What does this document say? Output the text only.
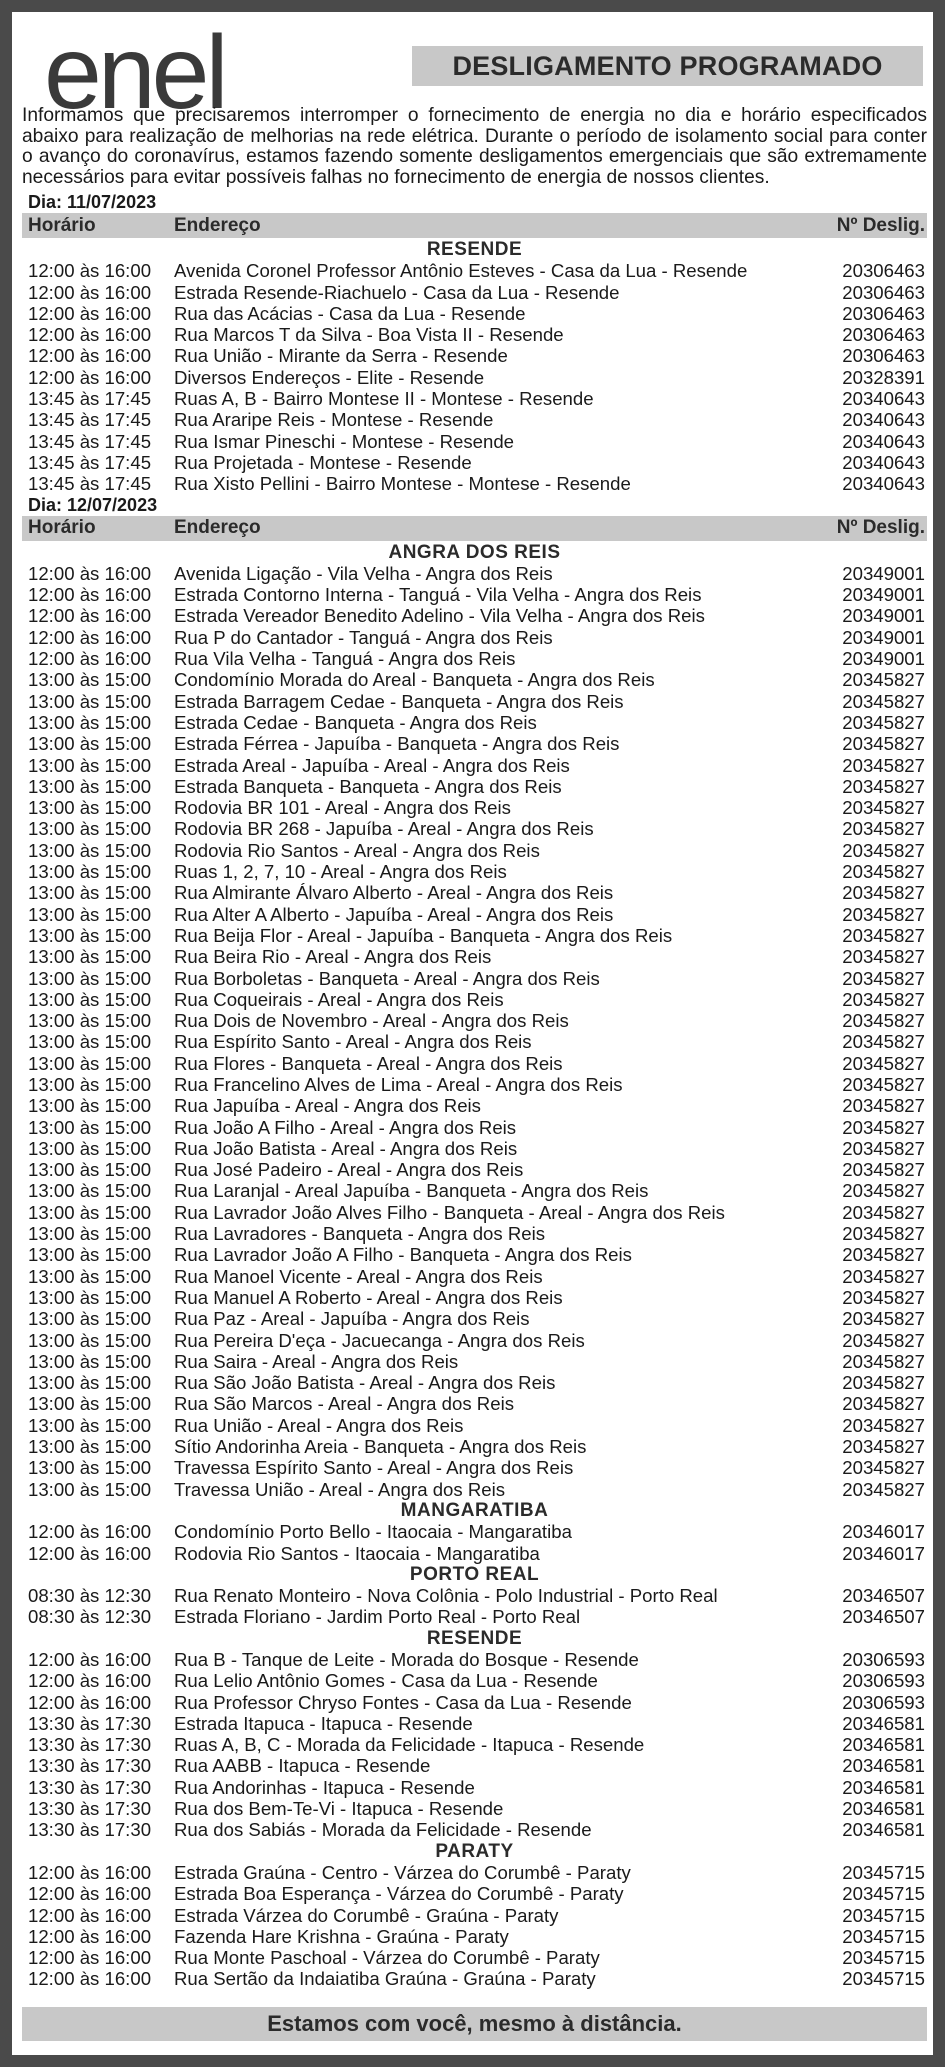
enel	DESLIGAMENTO PROGRAMADO
Informamos que precisaremos interromper o fornecimento de energia no dia e horário especificados abaixo para realização de melhorias na rede elétrica. Durante o período de isolamento social para conter o avanço do coronavírus, estamos fazendo somente desligamentos emergenciais que são extremamente necessários para evitar possíveis falhas no fornecimento de energia de nossos clientes.
Dia: 11/07/2023
Horário	Endereço	Nº Deslig.
RESENDE
12:00 às 16:00	Avenida Coronel Professor Antônio Esteves - Casa da Lua - Resende	20306463
12:00 às 16:00	Estrada Resende-Riachuelo - Casa da Lua - Resende	20306463
12:00 às 16:00	Rua das Acácias - Casa da Lua - Resende	20306463
12:00 às 16:00	Rua Marcos T da Silva - Boa Vista II - Resende	20306463
12:00 às 16:00	Rua União - Mirante da Serra - Resende	20306463
12:00 às 16:00	Diversos Endereços - Elite - Resende	20328391
13:45 às 17:45	Ruas A, B - Bairro Montese II - Montese - Resende	20340643
13:45 às 17:45	Rua Araripe Reis - Montese - Resende	20340643
13:45 às 17:45	Rua Ismar Pineschi - Montese - Resende	20340643
13:45 às 17:45	Rua Projetada - Montese - Resende	20340643
13:45 às 17:45	Rua Xisto Pellini - Bairro Montese - Montese - Resende	20340643
Dia: 12/07/2023
Horário	Endereço	Nº Deslig.
ANGRA DOS REIS
12:00 às 16:00	Avenida Ligação - Vila Velha - Angra dos Reis	20349001
12:00 às 16:00	Estrada Contorno Interna - Tanguá - Vila Velha - Angra dos Reis	20349001
12:00 às 16:00	Estrada Vereador Benedito Adelino - Vila Velha - Angra dos Reis	20349001
12:00 às 16:00	Rua P do Cantador - Tanguá - Angra dos Reis	20349001
12:00 às 16:00	Rua Vila Velha - Tanguá - Angra dos Reis	20349001
13:00 às 15:00	Condomínio Morada do Areal - Banqueta - Angra dos Reis	20345827
13:00 às 15:00	Estrada Barragem Cedae - Banqueta - Angra dos Reis	20345827
13:00 às 15:00	Estrada Cedae - Banqueta - Angra dos Reis	20345827
13:00 às 15:00	Estrada Férrea - Japuíba - Banqueta - Angra dos Reis	20345827
13:00 às 15:00	Estrada Areal - Japuíba - Areal - Angra dos Reis	20345827
13:00 às 15:00	Estrada Banqueta - Banqueta - Angra dos Reis	20345827
13:00 às 15:00	Rodovia BR 101 - Areal - Angra dos Reis	20345827
13:00 às 15:00	Rodovia BR 268 - Japuíba - Areal - Angra dos Reis	20345827
13:00 às 15:00	Rodovia Rio Santos - Areal - Angra dos Reis	20345827
13:00 às 15:00	Ruas 1, 2, 7, 10 - Areal - Angra dos Reis	20345827
13:00 às 15:00	Rua Almirante Álvaro Alberto - Areal - Angra dos Reis	20345827
13:00 às 15:00	Rua Alter A Alberto - Japuíba - Areal - Angra dos Reis	20345827
13:00 às 15:00	Rua Beija Flor - Areal - Japuíba - Banqueta - Angra dos Reis	20345827
13:00 às 15:00	Rua Beira Rio - Areal - Angra dos Reis	20345827
13:00 às 15:00	Rua Borboletas - Banqueta - Areal - Angra dos Reis	20345827
13:00 às 15:00	Rua Coqueirais - Areal - Angra dos Reis	20345827
13:00 às 15:00	Rua Dois de Novembro - Areal - Angra dos Reis	20345827
13:00 às 15:00	Rua Espírito Santo - Areal - Angra dos Reis	20345827
13:00 às 15:00	Rua Flores - Banqueta - Areal - Angra dos Reis	20345827
13:00 às 15:00	Rua Francelino Alves de Lima - Areal - Angra dos Reis	20345827
13:00 às 15:00	Rua Japuíba - Areal - Angra dos Reis	20345827
13:00 às 15:00	Rua João A Filho - Areal - Angra dos Reis	20345827
13:00 às 15:00	Rua João Batista - Areal - Angra dos Reis	20345827
13:00 às 15:00	Rua José Padeiro - Areal - Angra dos Reis	20345827
13:00 às 15:00	Rua Laranjal - Areal Japuíba - Banqueta - Angra dos Reis	20345827
13:00 às 15:00	Rua Lavrador João Alves Filho - Banqueta - Areal - Angra dos Reis	20345827
13:00 às 15:00	Rua Lavradores - Banqueta - Angra dos Reis	20345827
13:00 às 15:00	Rua Lavrador João A Filho - Banqueta - Angra dos Reis	20345827
13:00 às 15:00	Rua Manoel Vicente - Areal - Angra dos Reis	20345827
13:00 às 15:00	Rua Manuel A Roberto - Areal - Angra dos Reis	20345827
13:00 às 15:00	Rua Paz - Areal - Japuíba - Angra dos Reis	20345827
13:00 às 15:00	Rua Pereira D'eça - Jacuecanga - Angra dos Reis	20345827
13:00 às 15:00	Rua Saira - Areal - Angra dos Reis	20345827
13:00 às 15:00	Rua São João Batista - Areal - Angra dos Reis	20345827
13:00 às 15:00	Rua São Marcos - Areal - Angra dos Reis	20345827
13:00 às 15:00	Rua União - Areal - Angra dos Reis	20345827
13:00 às 15:00	Sítio Andorinha Areia - Banqueta - Angra dos Reis	20345827
13:00 às 15:00	Travessa Espírito Santo - Areal - Angra dos Reis	20345827
13:00 às 15:00	Travessa União - Areal - Angra dos Reis	20345827
MANGARATIBA
12:00 às 16:00	Condomínio Porto Bello - Itaocaia - Mangaratiba	20346017
12:00 às 16:00	Rodovia Rio Santos - Itaocaia - Mangaratiba	20346017
PORTO REAL
08:30 às 12:30	Rua Renato Monteiro - Nova Colônia - Polo Industrial - Porto Real	20346507
08:30 às 12:30	Estrada Floriano - Jardim Porto Real - Porto Real	20346507
RESENDE
12:00 às 16:00	Rua B - Tanque de Leite - Morada do Bosque - Resende	20306593
12:00 às 16:00	Rua Lelio Antônio Gomes - Casa da Lua - Resende	20306593
12:00 às 16:00	Rua Professor Chryso Fontes - Casa da Lua - Resende	20306593
13:30 às 17:30	Estrada Itapuca - Itapuca - Resende	20346581
13:30 às 17:30	Ruas A, B, C - Morada da Felicidade - Itapuca - Resende	20346581
13:30 às 17:30	Rua AABB - Itapuca - Resende	20346581
13:30 às 17:30	Rua Andorinhas - Itapuca - Resende	20346581
13:30 às 17:30	Rua dos Bem-Te-Vi - Itapuca - Resende	20346581
13:30 às 17:30	Rua dos Sabiás - Morada da Felicidade - Resende	20346581
PARATY
12:00 às 16:00	Estrada Graúna - Centro - Várzea do Corumbê - Paraty	20345715
12:00 às 16:00	Estrada Boa Esperança - Várzea do Corumbê - Paraty	20345715
12:00 às 16:00	Estrada Várzea do Corumbê - Graúna - Paraty	20345715
12:00 às 16:00	Fazenda Hare Krishna - Graúna - Paraty	20345715
12:00 às 16:00	Rua Monte Paschoal - Várzea do Corumbê - Paraty	20345715
12:00 às 16:00	Rua Sertão da Indaiatiba Graúna - Graúna - Paraty	20345715
Estamos com você, mesmo à distância.
